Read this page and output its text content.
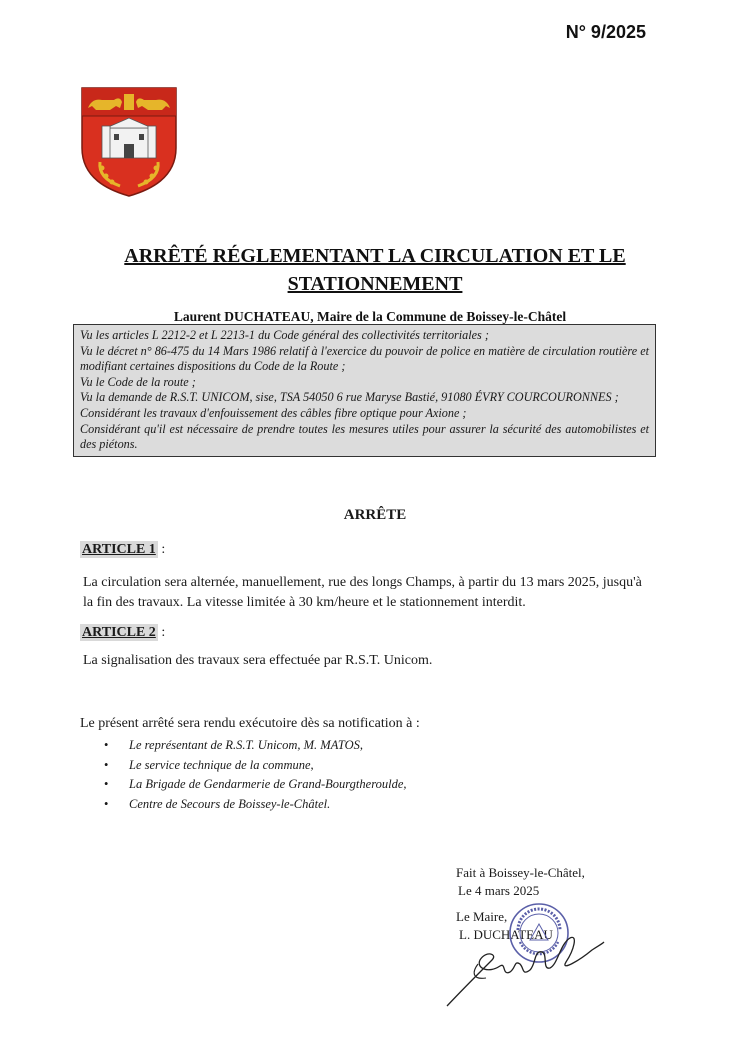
N° 9/2025
ARRÊTÉ RÉGLEMENTANT LA CIRCULATION ET LE
STATIONNEMENT
Laurent DUCHATEAU, Maire de la Commune de Boissey-le-Châtel

Vu les articles L 2212-2 et L 2213-1 du Code général des collectivités territoriales ;

Vu le décret n° 86-475 du 14 Mars 1986 relatif à l'exercice du pouvoir de police en matière de circulation routière et modifiant certaines dispositions du Code de la Route ;

Vu le Code de la route ;

Vu la demande de R.S.T. UNICOM, sise, TSA 54050 6 rue Maryse Bastié, 91080 ÉVRY COURCOURONNES ;

Considérant les travaux d'enfouissement des câbles fibre optique pour Axione ;

Considérant qu'il est nécessaire de prendre toutes les mesures utiles pour assurer la sécurité des automobilistes et des piétons.

ARRÊTE
ARTICLE 1 :
La circulation sera alternée, manuellement, rue des longs Champs, à partir du 13 mars 2025, jusqu'à la fin des travaux. La vitesse limitée à 30 km/heure et le stationnement interdit.
ARTICLE 2 :
La signalisation des travaux sera effectuée par R.S.T. Unicom.
Le présent arrêté sera rendu exécutoire dès sa notification à :
• Le représentant de R.S.T. Unicom, M. MATOS,
• Le service technique de la commune,
• La Brigade de Gendarmerie de Grand-Bourgtheroulde,
• Centre de Secours de Boissey-le-Châtel.
Fait à Boissey-le-Châtel,
Le 4 mars 2025
Le Maire,
L. DUCHATEAU
